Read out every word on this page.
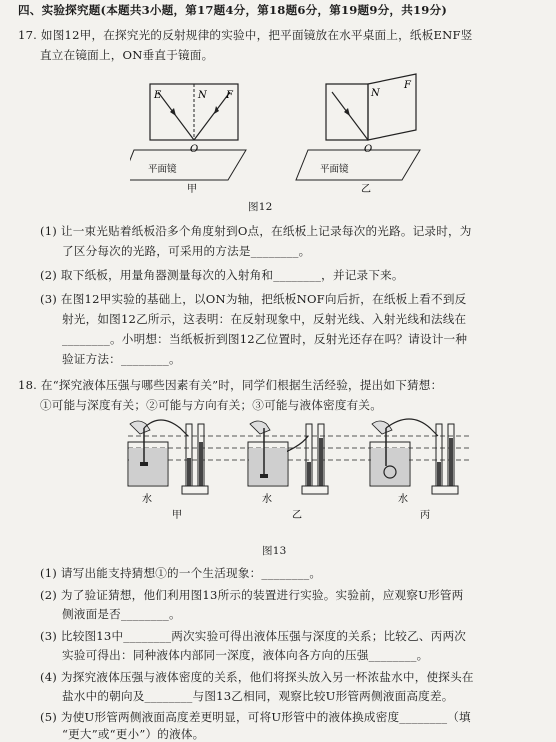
四、实验探究题(本题共3小题，第17题4分，第18题6分，第19题9分，共19分)
17. 如图12甲，在探究光的反射规律的实验中，把平面镜放在水平桌面上，纸板ENF竖
直立在镜面上，ON垂直于镜面。
E	N F
O
平面镜
甲
N
F
O
平面镜
乙
图12
(1) 让一束光贴着纸板沿多个角度射到O点，在纸板上记录每次的光路。记录时，为
了区分每次的光路，可采用的方法是________。
(2) 取下纸板，用量角器测量每次的入射角和________，并记录下来。
(3) 在图12甲实验的基础上，以ON为轴，把纸板NOF向后折，在纸板上看不到反
射光，如图12乙所示，这表明：在反射现象中，反射光线、入射光线和法线在
________。小明想：当纸板折到图12乙位置时，反射光还存在吗？请设计一种
验证方法：________。
18. 在“探究液体压强与哪些因素有关”时，同学们根据生活经验，提出如下猜想：
①可能与深度有关；②可能与方向有关；③可能与液体密度有关。
水
甲
水
乙
水
丙
图13
(1) 请写出能支持猜想①的一个生活现象：________。
(2) 为了验证猜想，他们利用图13所示的装置进行实验。实验前，应观察U形管两
侧液面是否________。
(3) 比较图13中________两次实验可得出液体压强与深度的关系；比较乙、丙两次
实验可得出：同种液体内部同一深度，液体向各方向的压强________。
(4) 为探究液体压强与液体密度的关系，他们将探头放入另一杯浓盐水中，使探头在
盐水中的朝向及________与图13乙相同，观察比较U形管两侧液面高度差。
(5) 为使U形管两侧液面高度差更明显，可将U形管中的液体换成密度________（填
“更大”或“更小”）的液体。
